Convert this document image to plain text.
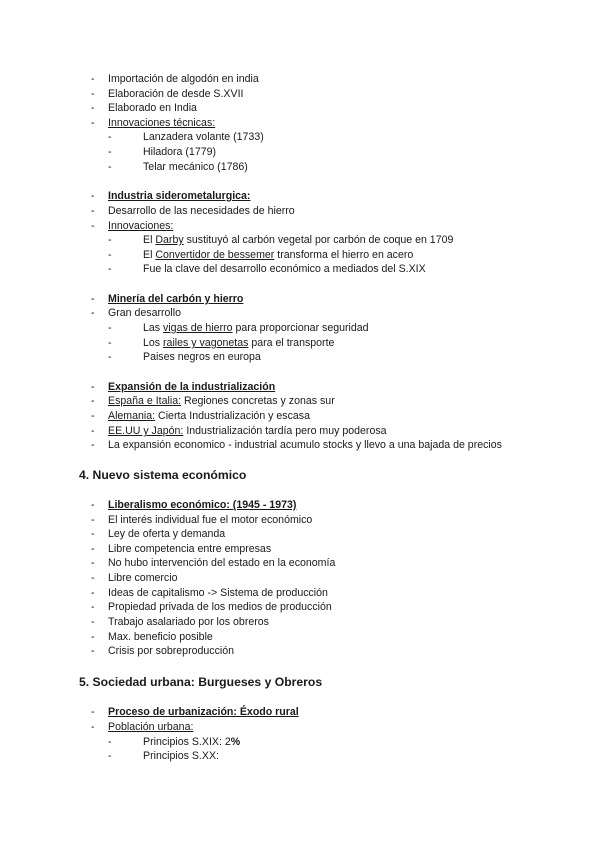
- Importación de algodón en india
- Elaboración de desde S.XVII
- Elaborado en India
- Innovaciones técnicas:
-	Lanzadera volante (1733)
-	Hiladora (1779)
-	Telar mecánico (1786)
- Industria siderometalurgica:
- Desarrollo de las necesidades de hierro
- Innovaciones:
-	El Darby sustituyó al carbón vegetal por carbón de coque en 1709
-	El Convertidor de bessemer transforma el hierro en acero
-	Fue la clave del desarrollo económico a mediados del S.XIX
- Minería del carbón y hierro
- Gran desarrollo
-	Las vigas de hierro para proporcionar seguridad
-	Los railes y vagonetas para el transporte
-	Paises negros en europa
- Expansión de la industrialización
- España e Italia: Regiones concretas y zonas sur
- Alemania: Cierta Industrialización y escasa
- EE.UU y Japón: Industrialización tardía pero muy poderosa
- La expansión economico - industrial acumulo stocks y llevo a una bajada de precios
4. Nuevo sistema económico
- Liberalismo económico: (1945 - 1973)
- El interés individual fue el motor económico
- Ley de oferta y demanda
- Libre competencia entre empresas
- No hubo intervención del estado en la economía
- Libre comercio
- Ideas de capitalismo -> Sistema de producción
- Propiedad privada de los medios de producción
- Trabajo asalariado por los obreros
- Max. beneficio posible
- Crisis por sobreproducción
5. Sociedad urbana: Burgueses y Obreros
- Proceso de urbanización: Éxodo rural
- Población urbana:
-	Principios S.XIX: 2%
-	Principios S.XX:
